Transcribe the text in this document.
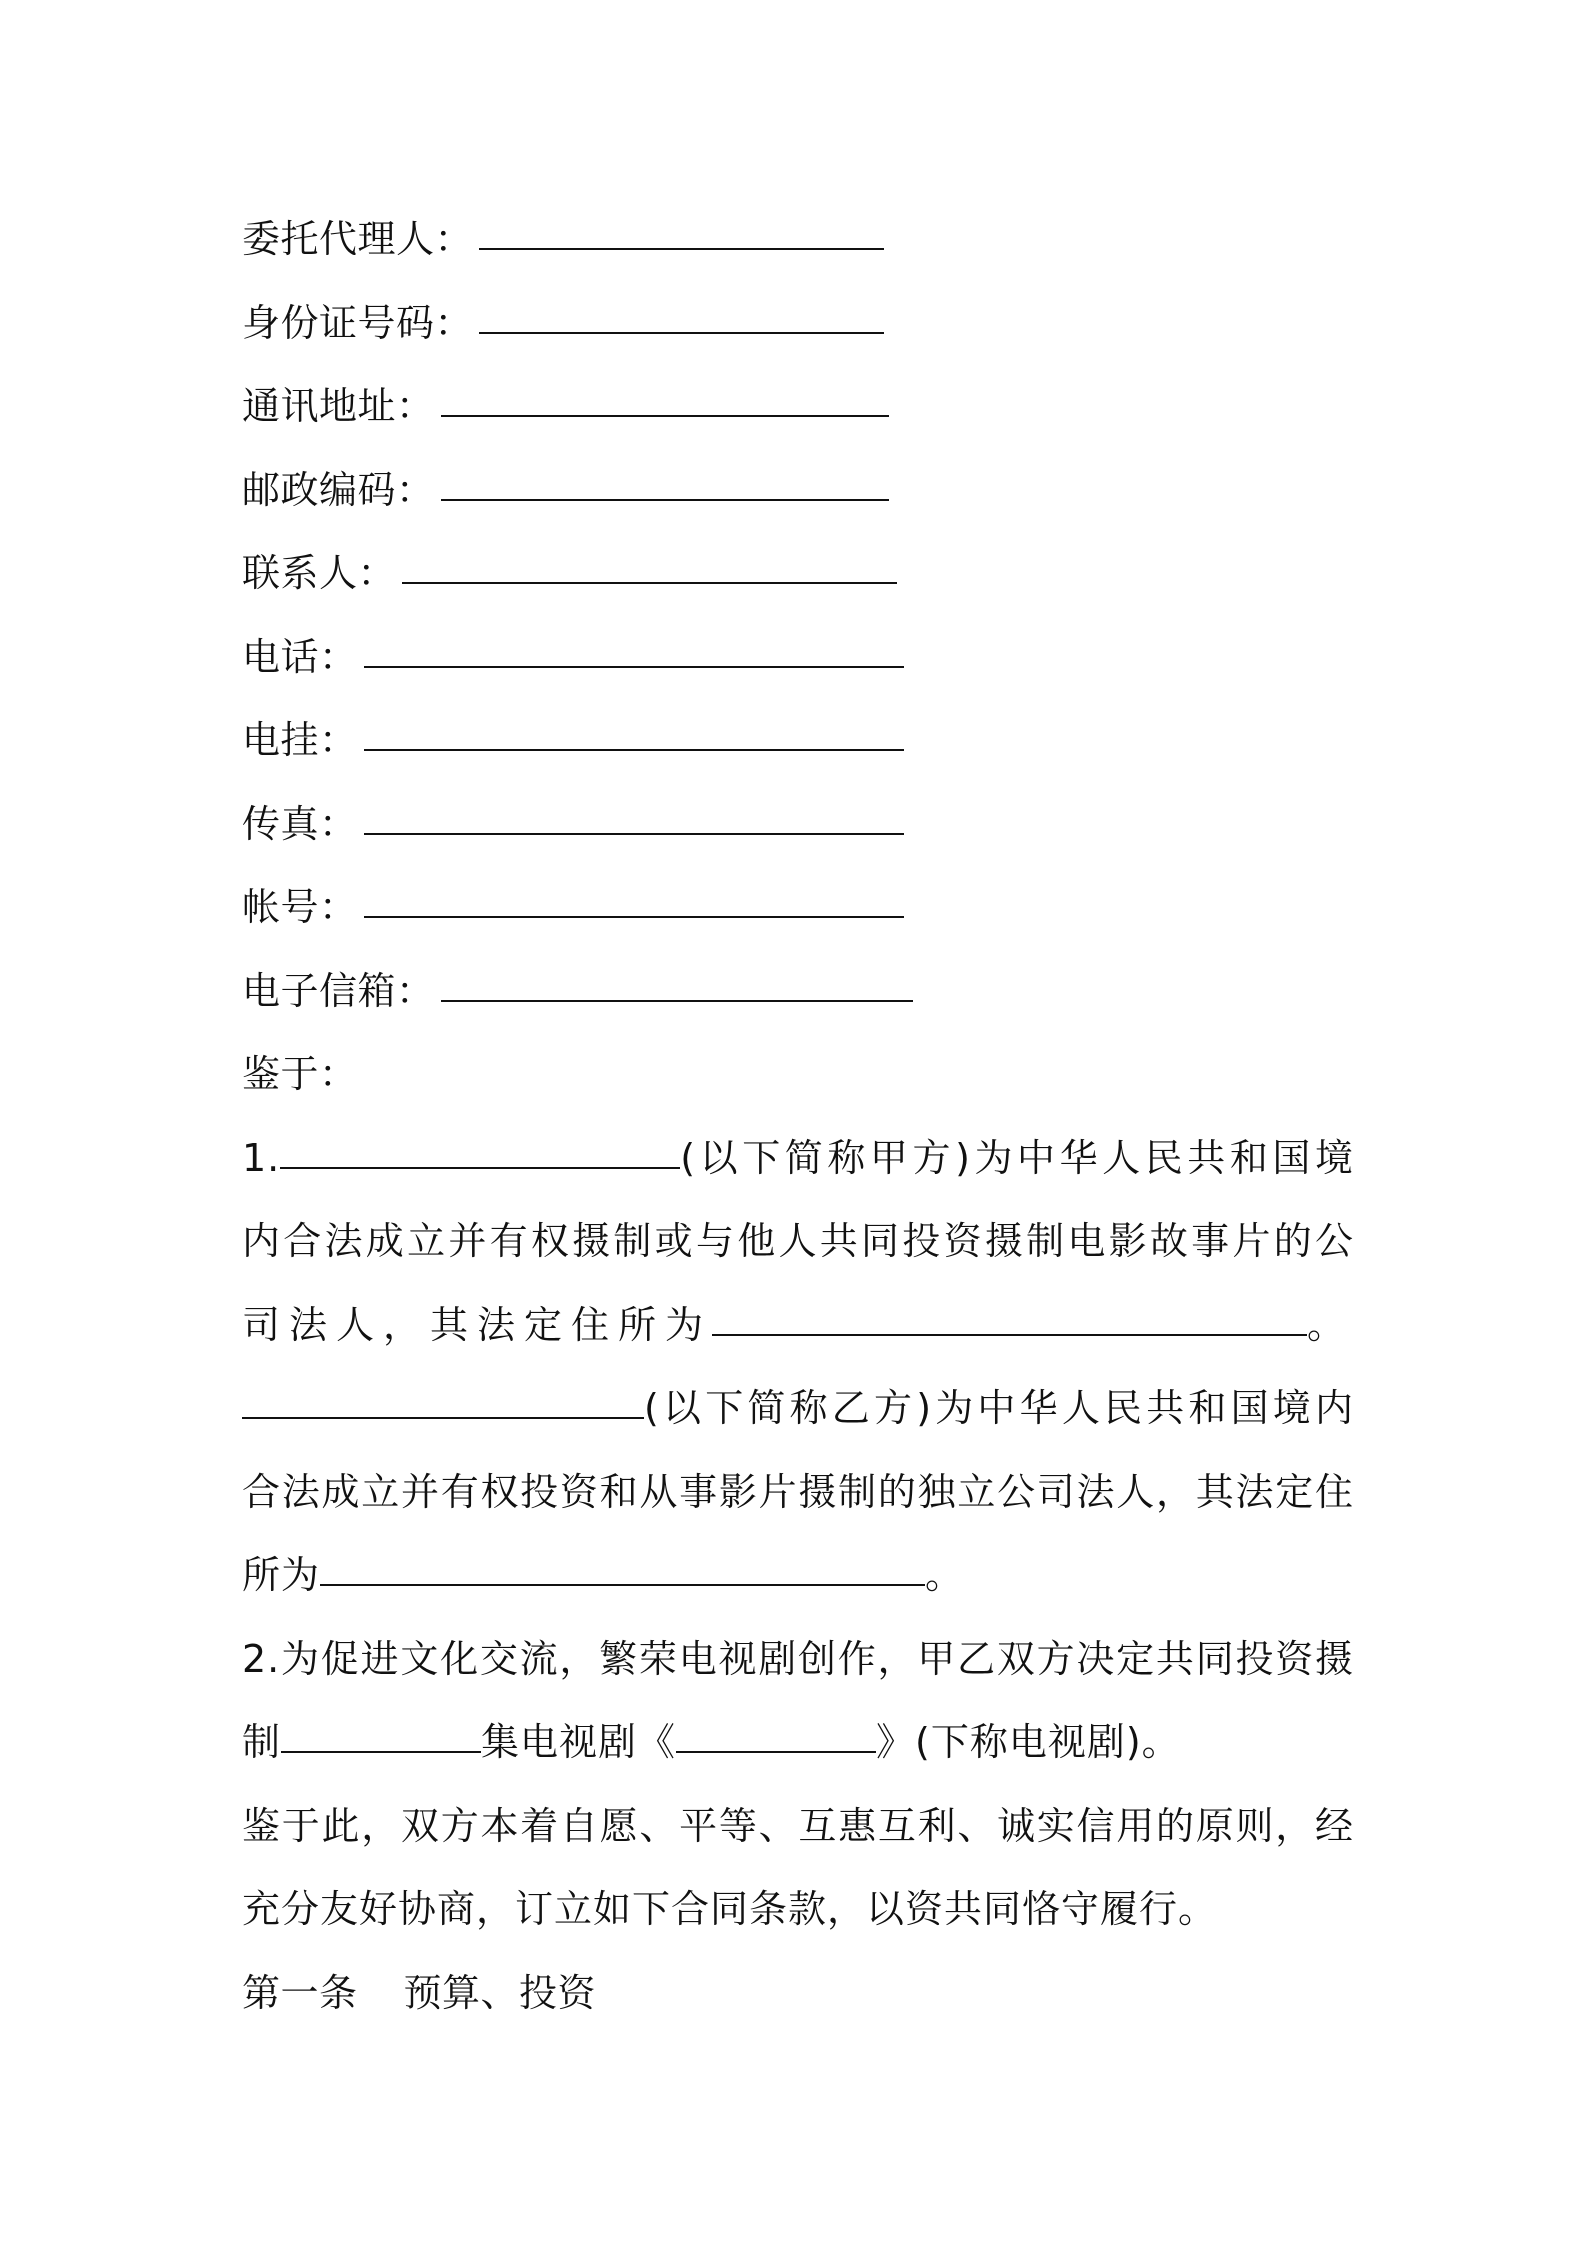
委托代理人：
身份证号码：
通讯地址：
邮政编码：
联系人：
电话：
电挂：
传真：
帐号：
电子信箱：
鉴于：
1.	(以下简称甲方)为中华人民共和国境
内合法成立并有权摄制或与他人共同投资摄制电影故事片的公
司法人，其法定住所为	。
(以下简称乙方)为中华人民共和国境内
合法成立并有权投资和从事影片摄制的独立公司法人，其法定住
所为	。
2.为促进文化交流，繁荣电视剧创作，甲乙双方决定共同投资摄
制	集电视剧《	》(下称电视剧)。
鉴于此，双方本着自愿、平等、互惠互利、诚实信用的原则，经
充分友好协商，订立如下合同条款，以资共同恪守履行。
第一条 预算、投资
